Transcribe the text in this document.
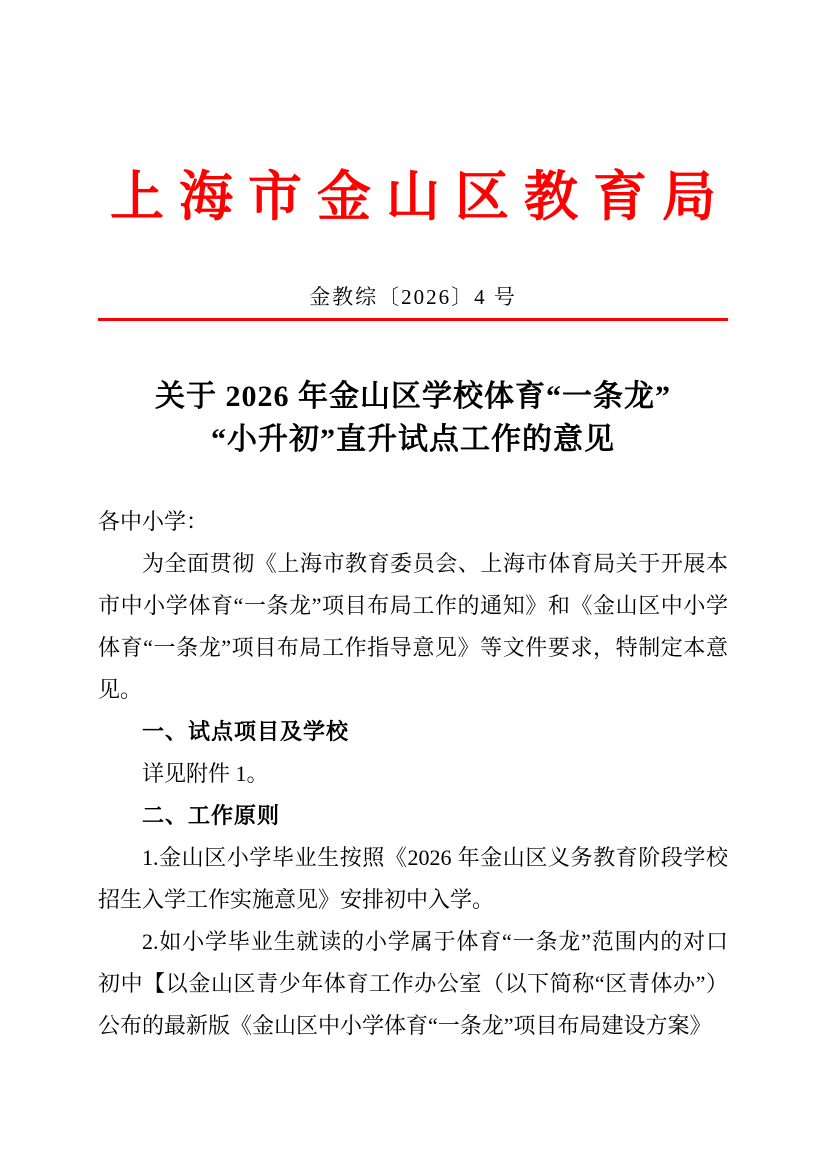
上海市金山区教育局
金教综〔2026〕4 号
关于 2026 年金山区学校体育“一条龙”
“小升初”直升试点工作的意见

各中小学：

为全面贯彻《上海市教育委员会、上海市体育局关于开展本市中小学体育“一条龙”项目布局工作的通知》和《金山区中小学体育“一条龙”项目布局工作指导意见》等文件要求，特制定本意见。

一、试点项目及学校

详见附件 1。

二、工作原则

1.金山区小学毕业生按照《2026 年金山区义务教育阶段学校招生入学工作实施意见》安排初中入学。

2.如小学毕业生就读的小学属于体育“一条龙”范围内的对口初中【以金山区青少年体育工作办公室（以下简称“区青体办”）公布的最新版《金山区中小学体育“一条龙”项目布局建设方案》
